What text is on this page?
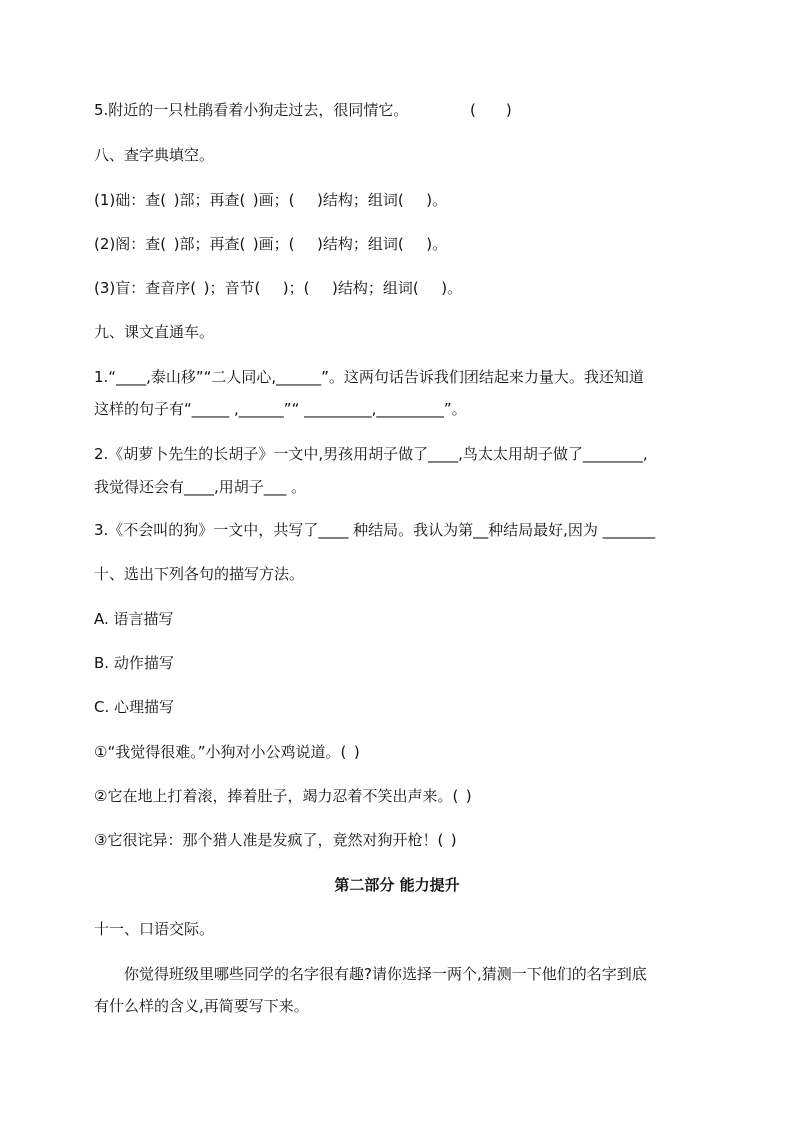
5.附近的一只杜鹃看着小狗走过去，很同情它。	(　　)
八、查字典填空。
(1)础：查( )部；再查( )画；(　 )结构；组词(　 )。
(2)阁：查( )部；再查( )画；(　 )结构；组词(　 )。
(3)盲：查音序( )；音节(　 )；(　 )结构；组词(　 )。
九、课文直通车。
1.“____,泰山移”“二人同心,______”。这两句话告诉我们团结起来力量大。我还知道
这样的句子有“_____ ,______”“ _________,_________”。
2.《胡萝卜先生的长胡子》一文中,男孩用胡子做了____,鸟太太用胡子做了________,
我觉得还会有____,用胡子___ 。
3.《不会叫的狗》一文中，共写了____ 种结局。我认为第__种结局最好,因为 _______
十、选出下列各句的描写方法。
A. 语言描写
B. 动作描写
C. 心理描写
①“我觉得很难。”小狗对小公鸡说道。( )
②它在地上打着滚，捧着肚子，竭力忍着不笑出声来。( )
③它很诧异：那个猎人准是发疯了，竟然对狗开枪！( )
第二部分 能力提升
十一、口语交际。
你觉得班级里哪些同学的名字很有趣?请你选择一两个,猜测一下他们的名字到底
有什么样的含义,再简要写下来。
